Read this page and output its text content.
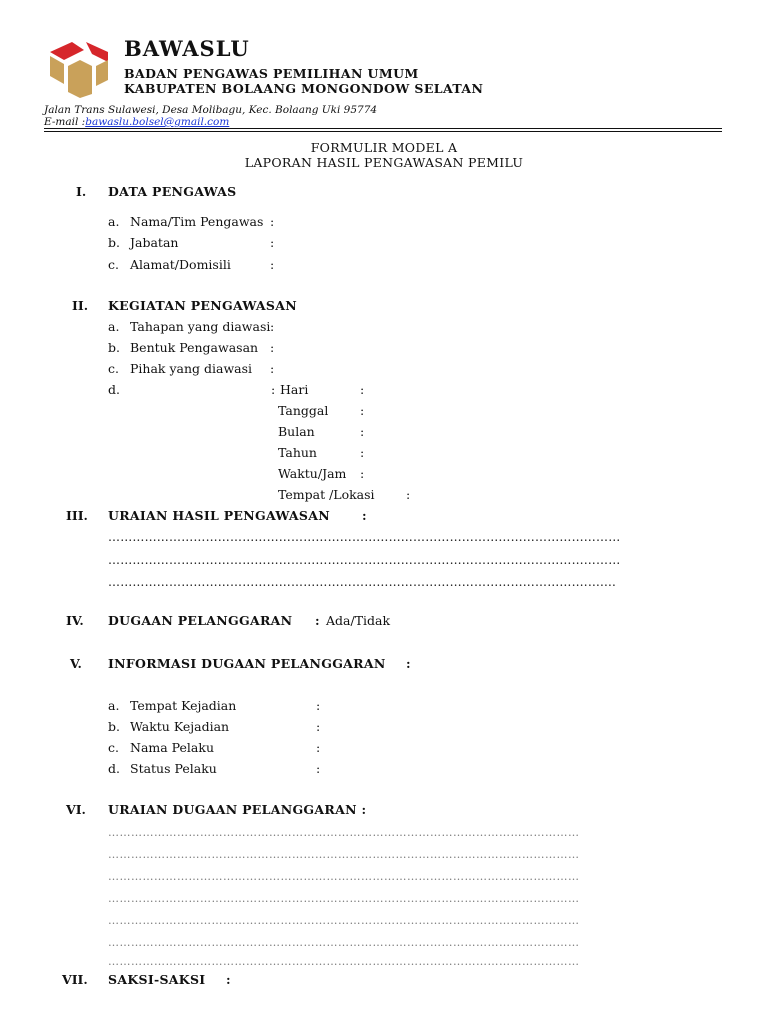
BAWASLU
BADAN PENGAWAS PEMILIHAN UMUM
KABUPATEN BOLAANG MONGONDOW SELATAN
Jalan Trans Sulawesi, Desa Molibagu, Kec. Bolaang Uki 95774
E-mail :bawaslu.bolsel@gmail.com
FORMULIR MODEL A
LAPORAN HASIL PENGAWASAN PEMILU
I. DATA PENGAWAS
a. Nama/Tim Pengawas :
b. Jabatan	:
c. Alamat/Domisili	:
II. KEGIATAN PENGAWASAN
a. Tahapan yang diawasi :
b. Bentuk Pengawasan :
c. Pihak yang diawasi :
d.	: Hari	:
Tanggal	:
Bulan	:
Tahun	:
Waktu/Jam :
Tempat /Lokasi	:
III. URAIAN HASIL PENGAWASAN	:
………………………………………………………………………………………………………………
………………………………………………………………………………………………………………
……………………………………………………………………………………………………….…....
IV. DUGAAN PELANGGARAN : Ada/Tidak
V. INFORMASI DUGAAN PELANGGARAN :
a. Tempat Kejadian	:
b. Waktu Kejadian	:
c. Nama Pelaku	:
d. Status Pelaku	:
VI. URAIAN DUGAAN PELANGGARAN :
……………………………………………………………………………………………………………
……………………………………………………………………………………………………………
……………………………………………………………………………………………………………
……………………………………………………………………………………………………………
……………………………………………………………………………………………………………
……………………………………………………………………………………………………………
……………………………………………………………………………………………………………
VII. SAKSI-SAKSI :
